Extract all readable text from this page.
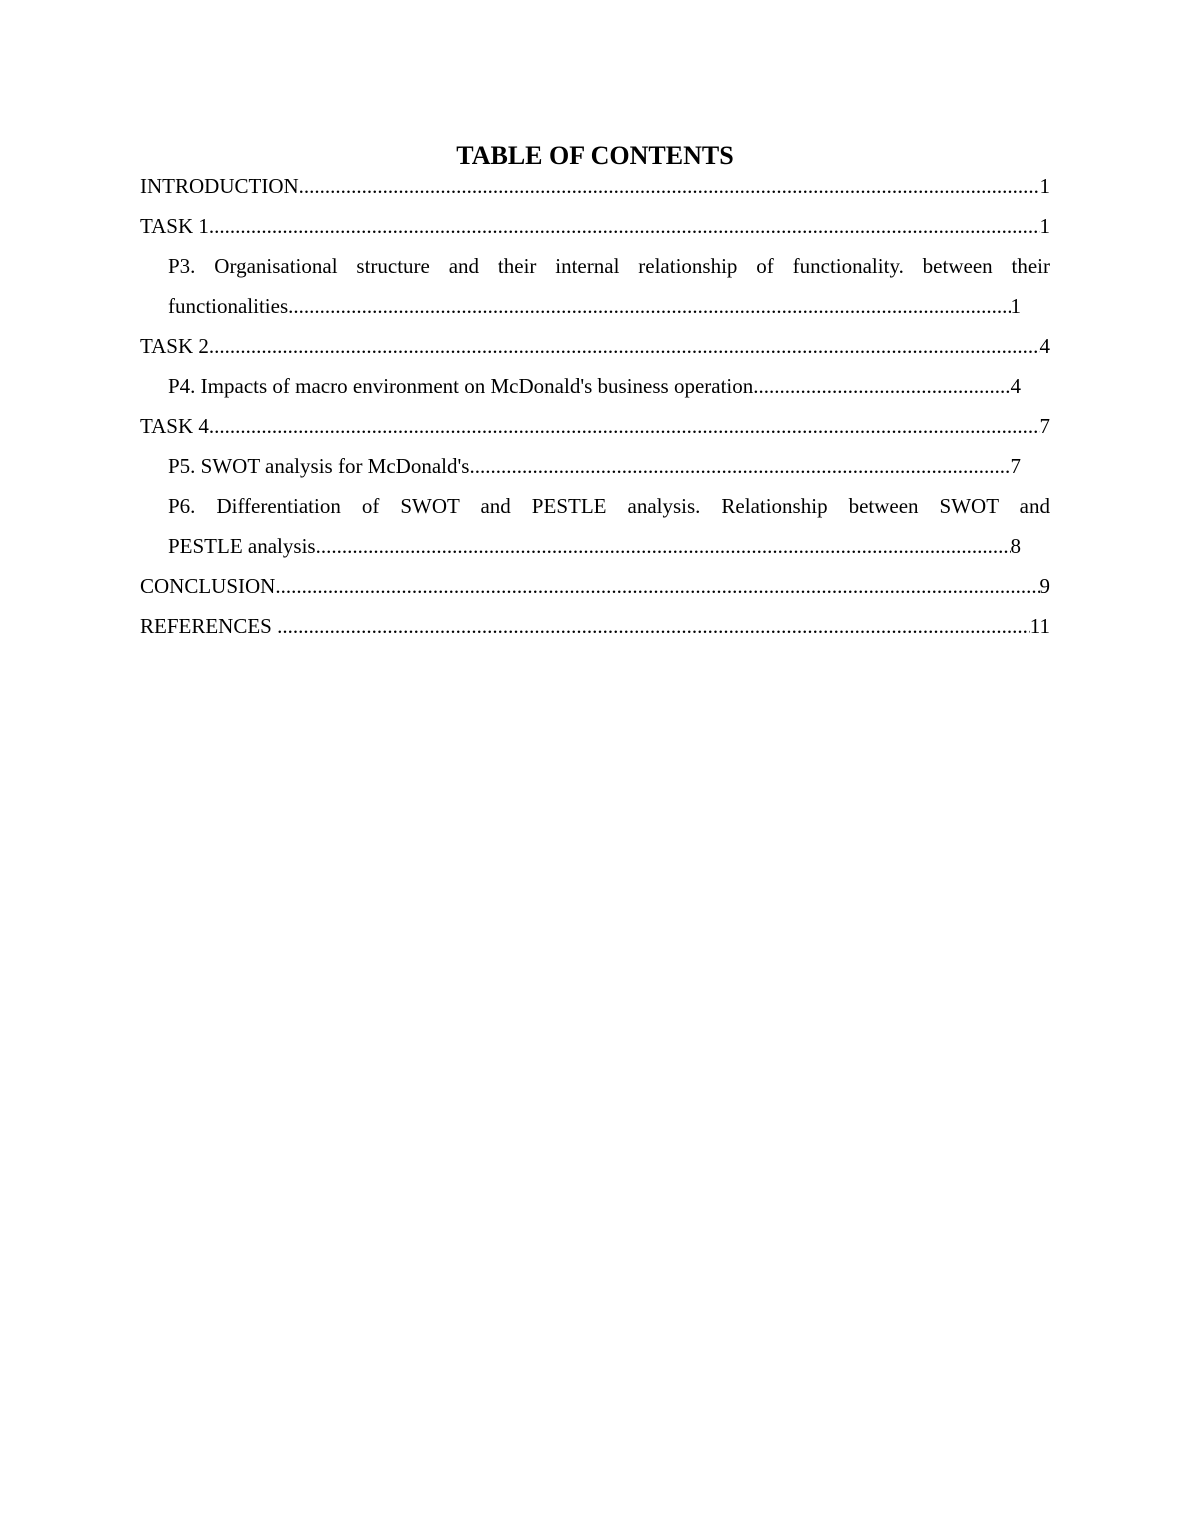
TABLE OF CONTENTS
INTRODUCTION .....	1
TASK 1 .....	1
P3. Organisational structure and their internal relationship of functionality. between their
functionalities .....	1
TASK 2 .....	4
P4. Impacts of macro environment on McDonald's business operation .....	4
TASK 4 .....	7
P5. SWOT analysis for McDonald's .....	7
P6. Differentiation of SWOT and PESTLE analysis. Relationship between SWOT and
PESTLE analysis .....	8
CONCLUSION .....	9
REFERENCES .....	11
